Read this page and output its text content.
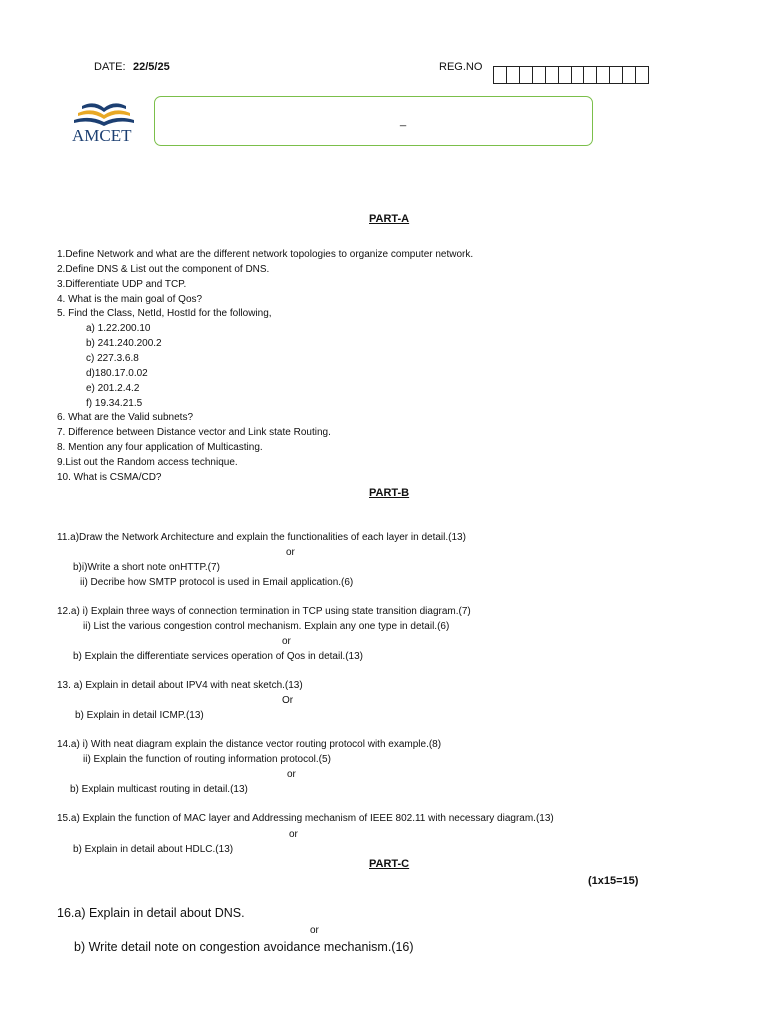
DATE: 22/5/25	REG.NO
AMCET
_
PART-A
1.Define Network and what are the different network topologies to organize computer network.
2.Define DNS & List out the component of DNS.
3.Differentiate UDP and TCP.
4. What is the main goal of Qos?
5. Find the Class, NetId, HostId for the following,
a) 1.22.200.10
b) 241.240.200.2
c) 227.3.6.8
d)180.17.0.02
e) 201.2.4.2
f) 19.34.21.5
6. What are the Valid subnets?
7. Difference between Distance vector and Link state Routing.
8. Mention any four application of Multicasting.
9.List out the Random access technique.
10. What is CSMA/CD?
PART-B
11.a)Draw the Network Architecture and explain the functionalities of each layer in detail.(13)
or
b)i)Write a short note onHTTP.(7)
ii) Decribe how SMTP protocol is used in Email application.(6)
12.a) i) Explain three ways of connection termination in TCP using state transition diagram.(7)
ii) List the various congestion control mechanism. Explain any one type in detail.(6)
or
b) Explain the differentiate services operation of Qos in detail.(13)
13. a) Explain in detail about IPV4 with neat sketch.(13)
Or
b) Explain in detail ICMP.(13)
14.a) i) With neat diagram explain the distance vector routing protocol with example.(8)
ii) Explain the function of routing information protocol.(5)
or
b) Explain multicast routing in detail.(13)
15.a) Explain the function of MAC layer and Addressing mechanism of IEEE 802.11 with necessary diagram.(13)
or
b) Explain in detail about HDLC.(13)
PART-C
(1x15=15)
16.a) Explain in detail about DNS.
or
b) Write detail note on congestion avoidance mechanism.(16)
